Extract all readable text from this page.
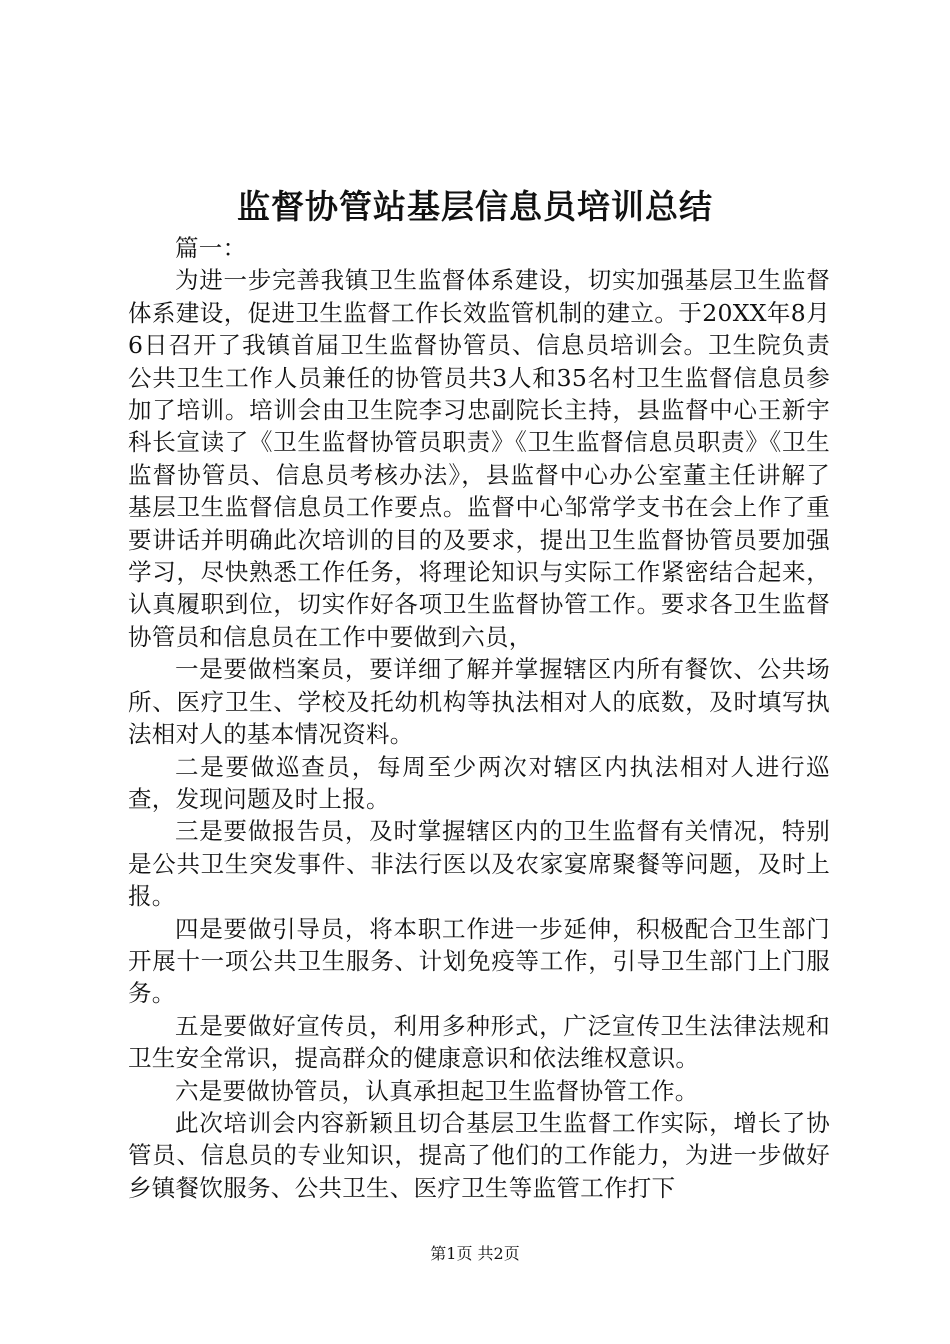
监督协管站基层信息员培训总结

篇一：

为进一步完善我镇卫生监督体系建设，切实加强基层卫生监督体系建设，促进卫生监督工作长效监管机制的建立。于20XX年8月6日召开了我镇首届卫生监督协管员、信息员培训会。卫生院负责公共卫生工作人员兼任的协管员共3人和35名村卫生监督信息员参加了培训。培训会由卫生院李习忠副院长主持，县监督中心王新宇科长宣读了《卫生监督协管员职责》《卫生监督信息员职责》《卫生监督协管员、信息员考核办法》，县监督中心办公室董主任讲解了基层卫生监督信息员工作要点。监督中心邹常学支书在会上作了重要讲话并明确此次培训的目的及要求，提出卫生监督协管员要加强学习，尽快熟悉工作任务，将理论知识与实际工作紧密结合起来，认真履职到位，切实作好各项卫生监督协管工作。要求各卫生监督协管员和信息员在工作中要做到六员，

一是要做档案员，要详细了解并掌握辖区内所有餐饮、公共场所、医疗卫生、学校及托幼机构等执法相对人的底数，及时填写执法相对人的基本情况资料。

二是要做巡查员，每周至少两次对辖区内执法相对人进行巡查，发现问题及时上报。

三是要做报告员，及时掌握辖区内的卫生监督有关情况，特别是公共卫生突发事件、非法行医以及农家宴席聚餐等问题，及时上报。

四是要做引导员，将本职工作进一步延伸，积极配合卫生部门开展十一项公共卫生服务、计划免疫等工作，引导卫生部门上门服务。

五是要做好宣传员，利用多种形式，广泛宣传卫生法律法规和卫生安全常识，提高群众的健康意识和依法维权意识。

六是要做协管员，认真承担起卫生监督协管工作。

此次培训会内容新颖且切合基层卫生监督工作实际，增长了协管员、信息员的专业知识，提高了他们的工作能力，为进一步做好乡镇餐饮服务、公共卫生、医疗卫生等监管工作打下

第1页 共2页
